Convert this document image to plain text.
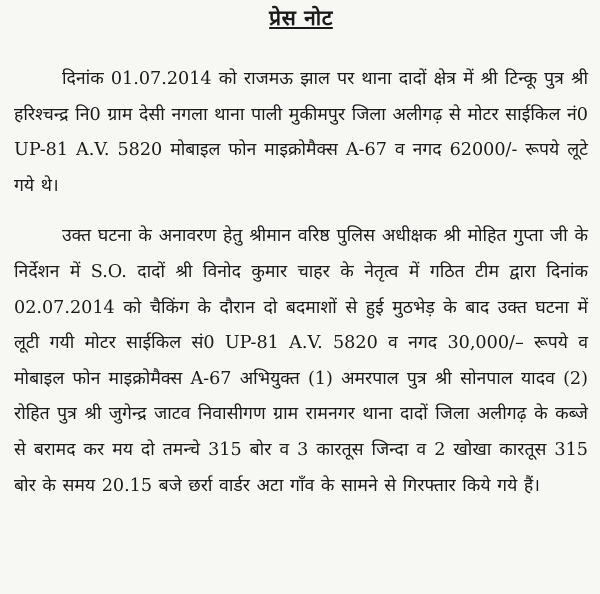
प्रेस नोट

दिनांक 01.07.2014 को राजमऊ झाल पर थाना दादों क्षेत्र में श्री टिन्कू पुत्र श्री हरिश्चन्द्र नि0 ग्राम देसी नगला थाना पाली मुकीमपुर जिला अलीगढ़ से मोटर साईकिल नं0 UP-81 A.V. 5820 मोबाइल फोन माइक्रोमैक्स A-67 व नगद 62000/- रूपये लूटे गये थे।

उक्त घटना के अनावरण हेतु श्रीमान वरिष्ठ पुलिस अधीक्षक श्री मोहित गुप्ता जी के निर्देशन में S.O. दादों श्री विनोद कुमार चाहर के नेतृत्व में गठित टीम द्वारा दिनांक 02.07.2014 को चैकिंग के दौरान दो बदमाशों से हुई मुठभेड़ के बाद उक्त घटना में लूटी गयी मोटर साईकिल सं0 UP-81 A.V. 5820 व नगद 30,000/– रूपये व मोबाइल फोन माइक्रोमैक्स A-67 अभियुक्त (1) अमरपाल पुत्र श्री सोनपाल यादव (2) रोहित पुत्र श्री जुगेन्द्र जाटव निवासीगण ग्राम रामनगर थाना दादों जिला अलीगढ़ के कब्जे से बरामद कर मय दो तमन्चे 315 बोर व 3 कारतूस जिन्दा व 2 खोखा कारतूस 315 बोर के समय 20.15 बजे छर्रा वार्डर अटा गाँव के सामने से गिरफ्तार किये गये हैं।
